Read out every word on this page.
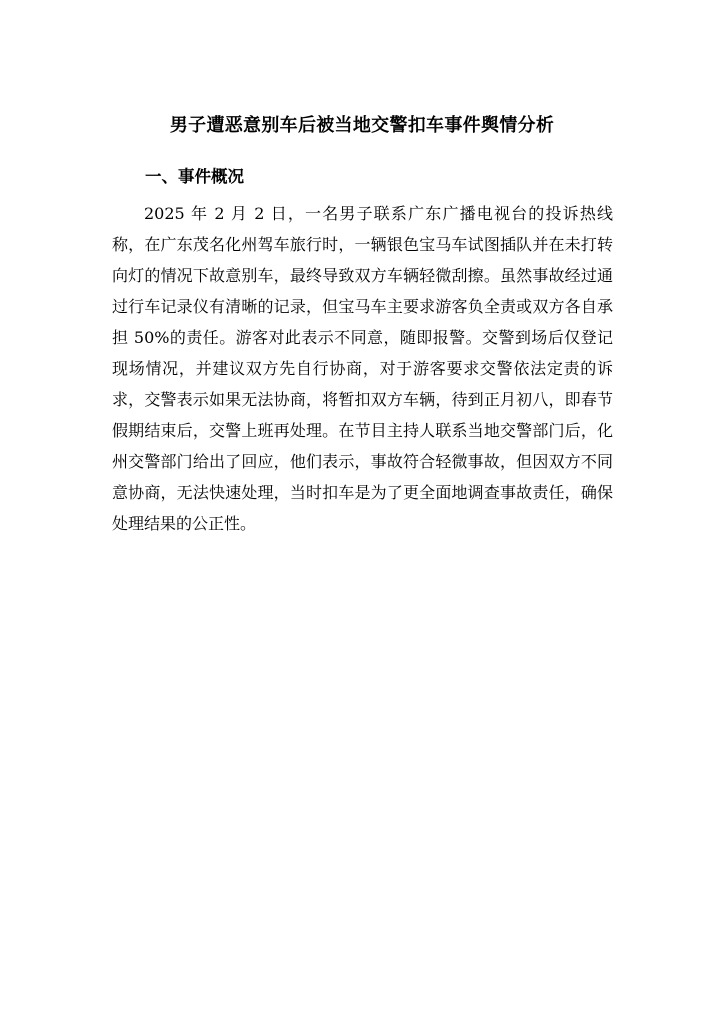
男子遭恶意别车后被当地交警扣车事件舆情分析
一、事件概况

2025 年 2 月 2 日，一名男子联系广东广播电视台的投诉热线称，在广东茂名化州驾车旅行时，一辆银色宝马车试图插队并在未打转向灯的情况下故意别车，最终导致双方车辆轻微刮擦。虽然事故经过通过行车记录仪有清晰的记录，但宝马车主要求游客负全责或双方各自承担 50%的责任。游客对此表示不同意，随即报警。交警到场后仅登记现场情况，并建议双方先自行协商，对于游客要求交警依法定责的诉求，交警表示如果无法协商，将暂扣双方车辆，待到正月初八，即春节假期结束后，交警上班再处理。在节目主持人联系当地交警部门后，化州交警部门给出了回应，他们表示，事故符合轻微事故，但因双方不同意协商，无法快速处理，当时扣车是为了更全面地调查事故责任，确保处理结果的公正性。
